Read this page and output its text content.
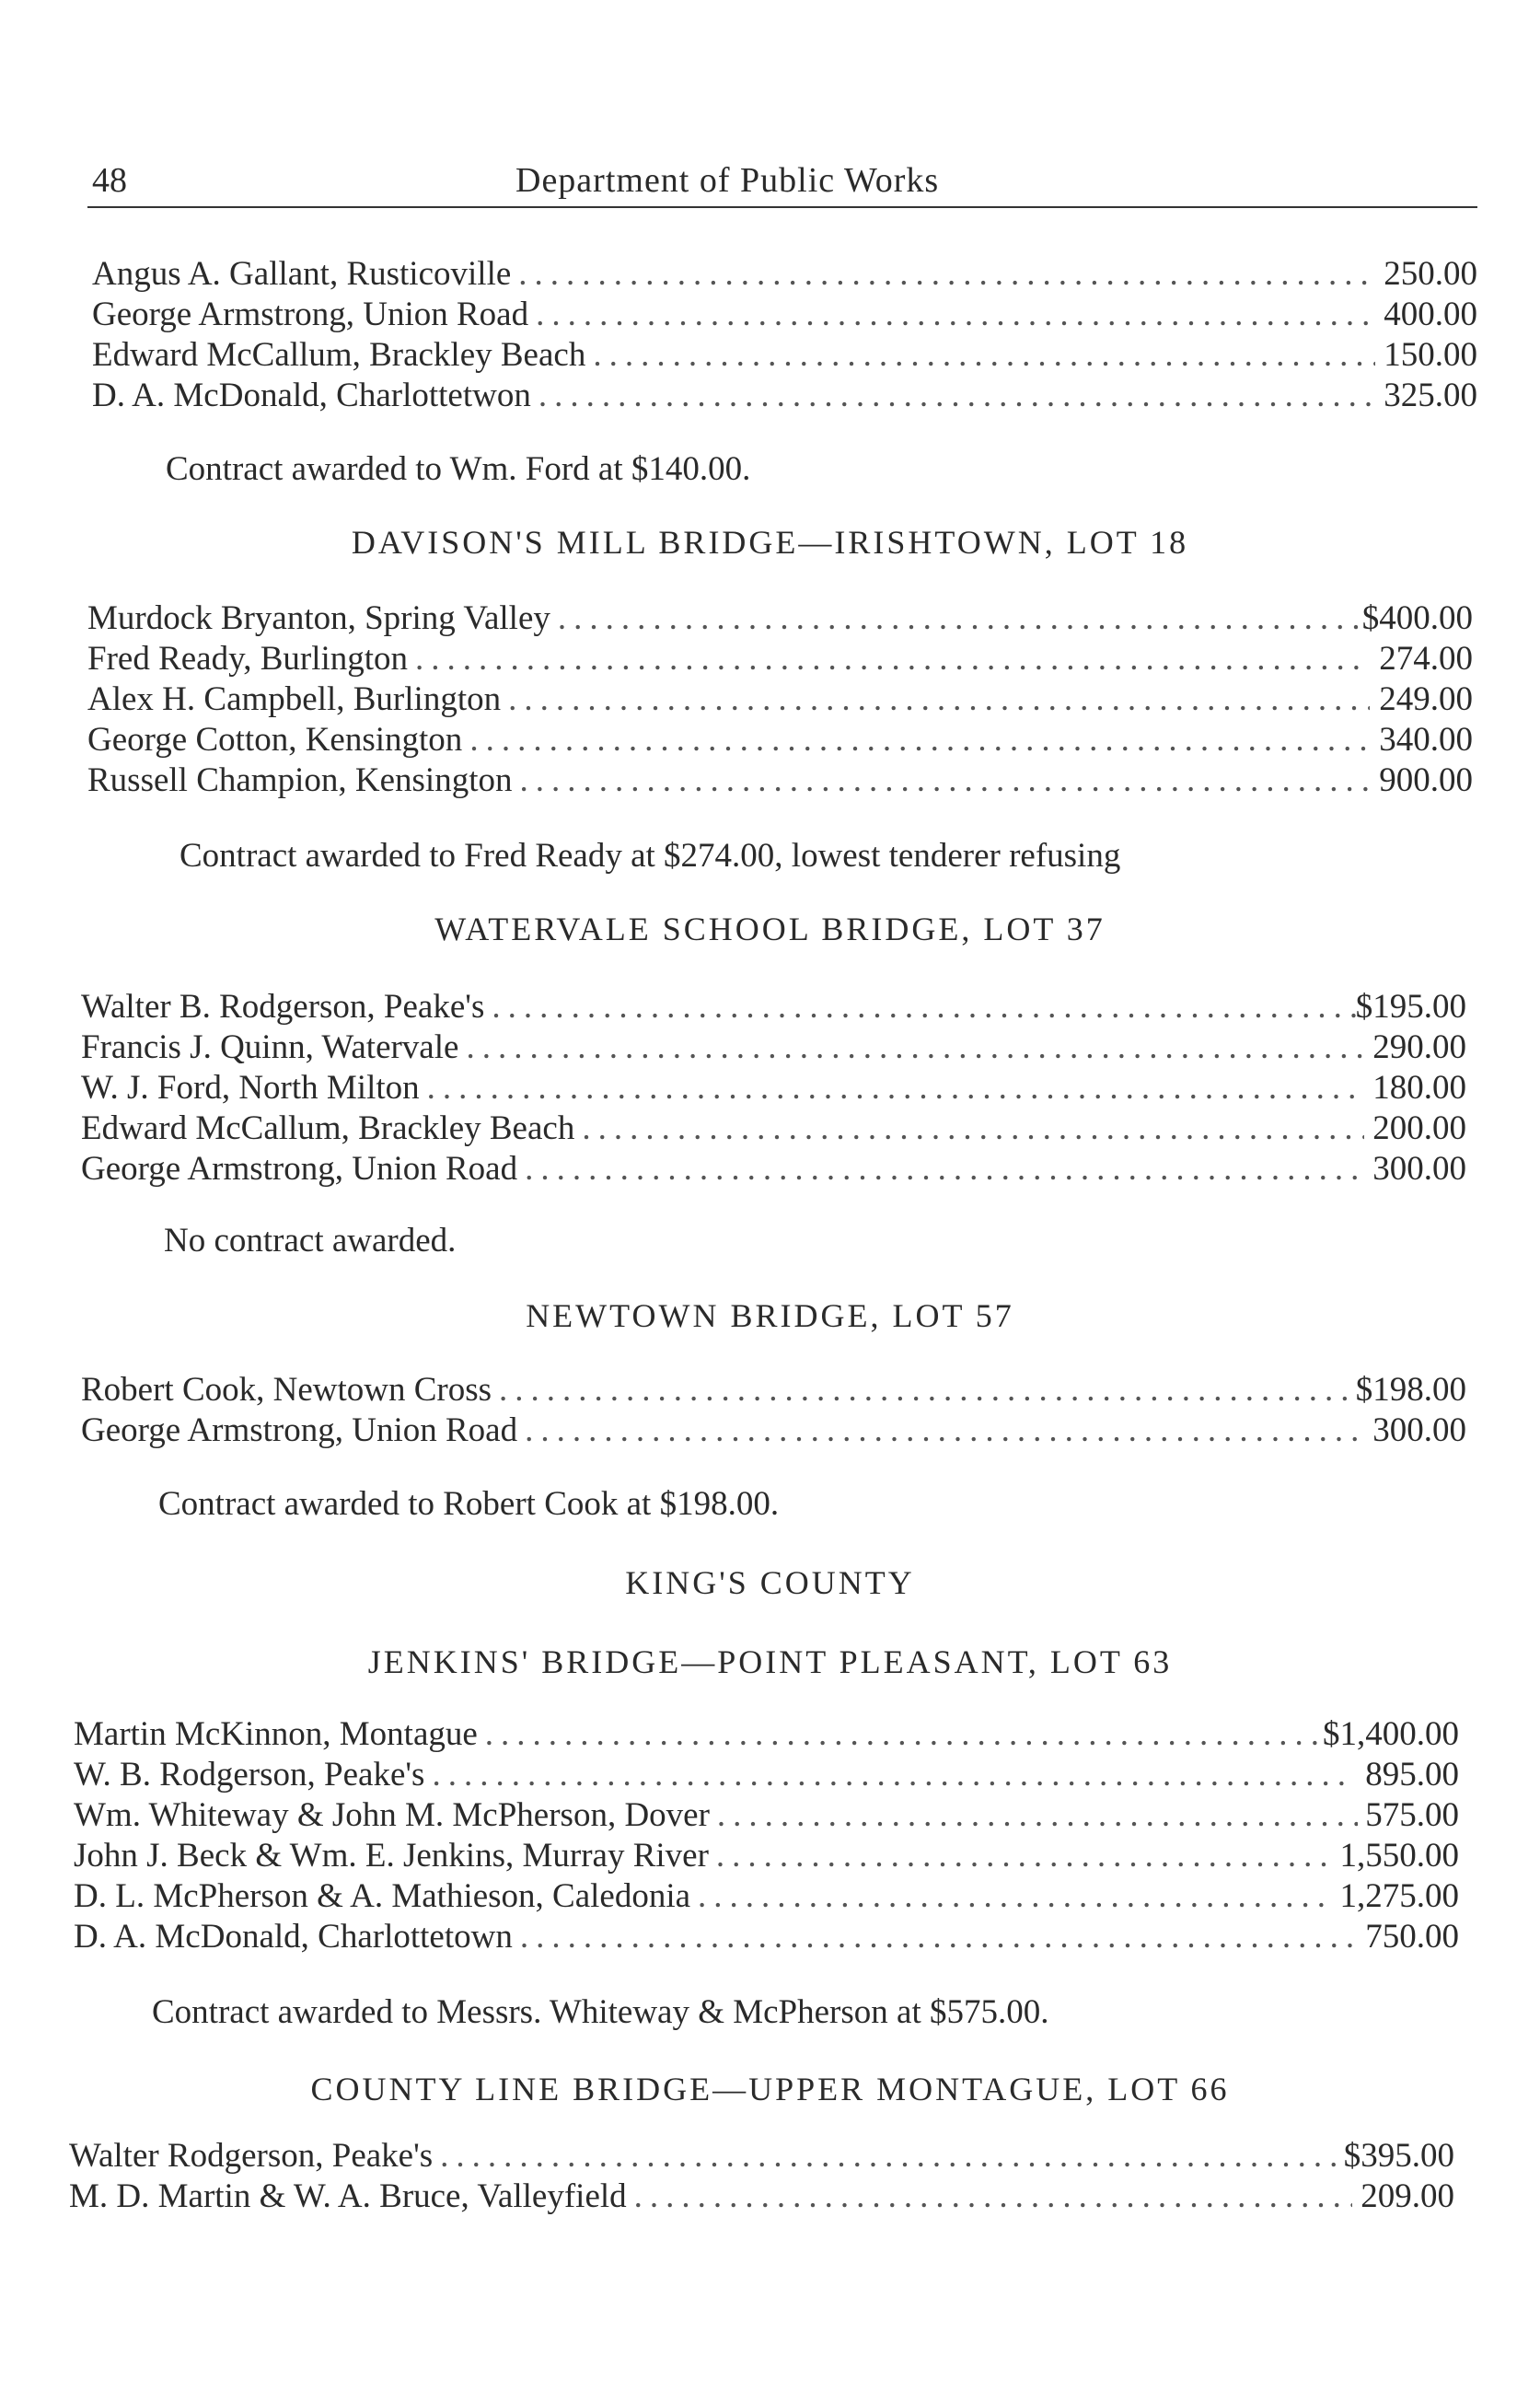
48	Department of Public Works
Angus A. Gallant, Rusticoville .....	250.00
George Armstrong, Union Road .....	400.00
Edward McCallum, Brackley Beach .....	150.00
D. A. McDonald, Charlottetwon .....	325.00
Contract awarded to Wm. Ford at $140.00.
DAVISON'S MILL BRIDGE—IRISHTOWN, LOT 18
Murdock Bryanton, Spring Valley .....	$ 400.00
Fred Ready, Burlington .....	274.00
Alex H. Campbell, Burlington .....	249.00
George Cotton, Kensington .....	340.00
Russell Champion, Kensington .....	900.00
Contract awarded to Fred Ready at $274.00, lowest tenderer refusing
WATERVALE SCHOOL BRIDGE, LOT 37
Walter B. Rodgerson, Peake's .....	$ 195.00
Francis J. Quinn, Watervale .....	290.00
W. J. Ford, North Milton .....	180.00
Edward McCallum, Brackley Beach .....	200.00
George Armstrong, Union Road .....	300.00
No contract awarded.
NEWTOWN BRIDGE, LOT 57
Robert Cook, Newtown Cross .....	$ 198.00
George Armstrong, Union Road .....	300.00
Contract awarded to Robert Cook at $198.00.
KING'S COUNTY
JENKINS' BRIDGE—POINT PLEASANT, LOT 63
Martin McKinnon, Montague .....	$ 1,400.00
W. B. Rodgerson, Peake's .....	895.00
Wm. Whiteway & John M. McPherson, Dover .....	575.00
John J. Beck & Wm. E. Jenkins, Murray River .....	1,550.00
D. L. McPherson & A. Mathieson, Caledonia .....	1,275.00
D. A. McDonald, Charlottetown .....	750.00
Contract awarded to Messrs. Whiteway & McPherson at $575.00.
COUNTY LINE BRIDGE—UPPER MONTAGUE, LOT 66
Walter Rodgerson, Peake's .....	$ 395.00
M. D. Martin & W. A. Bruce, Valleyfield .....	209.00
